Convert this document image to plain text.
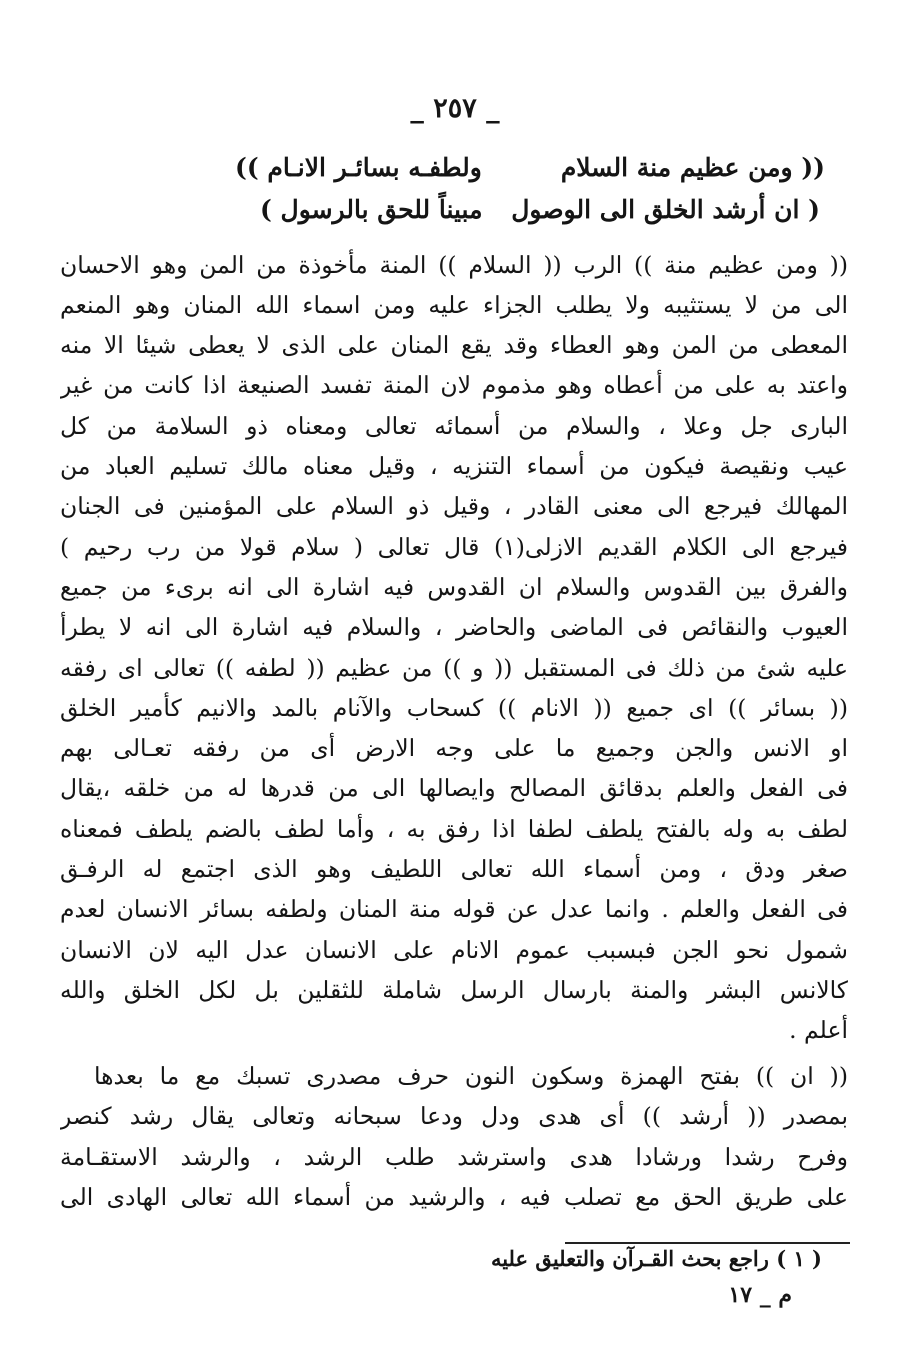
_ ٢٥٧ _
(( ومن عظيم منة السلام
ولطفـه بسائـر الانـام ))
( ان أرشد الخلق الى الوصول
مبيناً للحق بالرسول )
(( ومن عظيم منة )) الرب (( السلام )) المنة مأخوذة من المن وهو الاحسان
الى من لا يستثيبه ولا يطلب الجزاء عليه ومن اسماء الله المنان وهو المنعم
المعطى من المن وهو العطاء وقد يقع المنان على الذى لا يعطى شيئا الا منه
واعتد به على من أعطاه وهو مذموم لان المنة تفسد الصنيعة اذا كانت من غير
البارى جل وعلا ، والسلام من أسمائه تعالى ومعناه ذو السلامة من كل
عيب ونقيصة فيكون من أسماء التنزيه ، وقيل معناه مالك تسليم العباد من
المهالك فيرجع الى معنى القادر ، وقيل ذو السلام على المؤمنين فى الجنان
فيرجع الى الكلام القديم الازلى(١) قال تعالى ( سلام قولا من رب رحيم )
والفرق بين القدوس والسلام ان القدوس فيه اشارة الى انه برىء من جميع
العيوب والنقائص فى الماضى والحاضر ، والسلام فيه اشارة الى انه لا يطرأ
عليه شئ من ذلك فى المستقبل (( و )) من عظيم (( لطفه )) تعالى اى رفقه
(( بسائر )) اى جميع (( الانام )) كسحاب والآنام بالمد والانيم كأمير الخلق
او الانس والجن وجميع ما على وجه الارض أى من رفقه تعـالى بهم
فى الفعل والعلم بدقائق المصالح وايصالها الى من قدرها له من خلقه ،يقال
لطف به وله بالفتح يلطف لطفا اذا رفق به ، وأما لطف بالضم يلطف فمعناه
صغر ودق ، ومن أسماء الله تعالى اللطيف وهو الذى اجتمع له الرفـق
فى الفعل والعلم . وانما عدل عن قوله منة المنان ولطفه بسائر الانسان لعدم
شمول نحو الجن فبسبب عموم الانام على الانسان عدل اليه لان الانسان
كالانس البشر والمنة بارسال الرسل شاملة للثقلين بل لكل الخلق والله
أعلم .
(( ان )) بفتح الهمزة وسكون النون حرف مصدرى تسبك مع ما بعدها
بمصدر (( أرشد )) أى هدى ودل ودعا سبحانه وتعالى يقال رشد كنصر
وفرح رشدا ورشادا هدى واسترشد طلب الرشد ، والرشد الاستقـامة
على طريق الحق مع تصلب فيه ، والرشيد من أسماء الله تعالى الهادى الى
( ١ ) راجع بحث القـرآن والتعليق عليه
م _ ١٧
